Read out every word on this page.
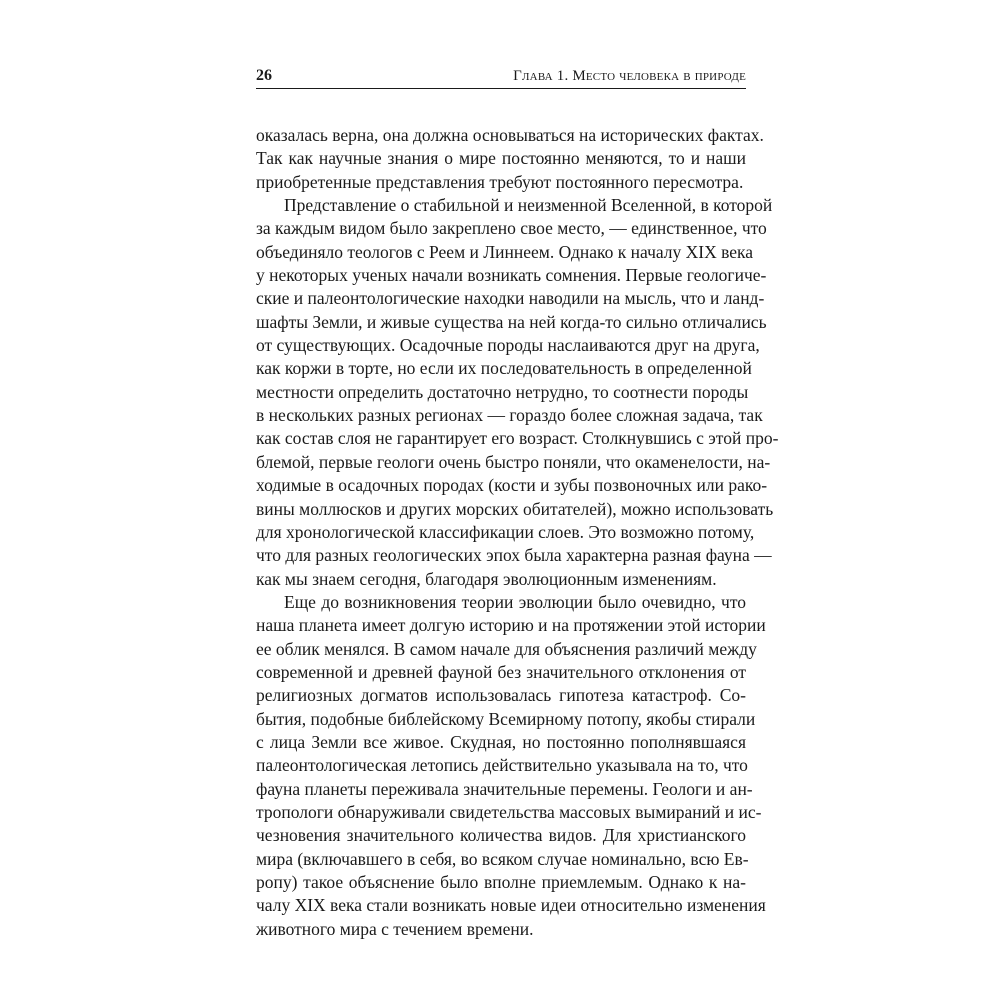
26	Глава 1. Место человека в природе
оказалась верна, она должна основываться на исторических фактах.
Так как научные знания о мире постоянно меняются, то и наши
приобретенные представления требуют постоянного пересмотра.
Представление о стабильной и неизменной Вселенной, в которой
за каждым видом было закреплено свое место, — единственное, что
объединяло теологов с Реем и Линнеем. Однако к началу XIX века
у некоторых ученых начали возникать сомнения. Первые геологиче-
ские и палеонтологические находки наводили на мысль, что и ланд-
шафты Земли, и живые существа на ней когда-то сильно отличались
от существующих. Осадочные породы наслаиваются друг на друга,
как коржи в торте, но если их последовательность в определенной
местности определить достаточно нетрудно, то соотнести породы
в нескольких разных регионах — гораздо более сложная задача, так
как состав слоя не гарантирует его возраст. Столкнувшись с этой про-
блемой, первые геологи очень быстро поняли, что окаменелости, на-
ходимые в осадочных породах (кости и зубы позвоночных или рако-
вины моллюсков и других морских обитателей), можно использовать
для хронологической классификации слоев. Это возможно потому,
что для разных геологических эпох была характерна разная фауна —
как мы знаем сегодня, благодаря эволюционным изменениям.
Еще до возникновения теории эволюции было очевидно, что
наша планета имеет долгую историю и на протяжении этой истории
ее облик менялся. В самом начале для объяснения различий между
современной и древней фауной без значительного отклонения от
религиозных догматов использовалась гипотеза катастроф. Со-
бытия, подобные библейскому Всемирному потопу, якобы стирали
с лица Земли все живое. Скудная, но постоянно пополнявшаяся
палеонтологическая летопись действительно указывала на то, что
фауна планеты переживала значительные перемены. Геологи и ан-
тропологи обнаруживали свидетельства массовых вымираний и ис-
чезновения значительного количества видов. Для христианского
мира (включавшего в себя, во всяком случае номинально, всю Ев-
ропу) такое объяснение было вполне приемлемым. Однако к на-
чалу XIX века стали возникать новые идеи относительно изменения
животного мира с течением времени.
